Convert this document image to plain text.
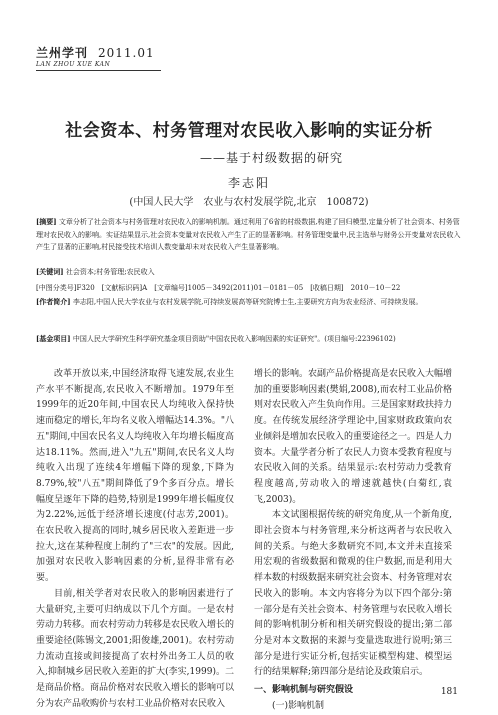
兰州学刊 2011.01
LAN ZHOU XUE KAN
社会资本、村务管理对农民收入影响的实证分析
——基于村级数据的研究
李志阳
(中国人民大学　农业与农村发展学院,北京　100872)
[摘要] 文章分析了社会资本与村务管理对农民收入的影响机制。通过利用了6省的村级数据,构建了回归模型,定量分析了社会资本、村务管理对农民收入的影响。实证结果显示,社会资本变量对农民收入产生了正的显著影响。村务管理变量中,民主选举与财务公开变量对农民收入产生了显著的正影响,村民接受技术培训人数变量却未对农民收入产生显著影响。
[关键词] 社会资本;村务管理;农民收入
[中图分类号]F320　[文献标识码]A　[文章编号]1005－3492(2011)01－0181－05　[收稿日期]　2010－10－22
[作者简介] 李志阳,中国人民大学农业与农村发展学院,可持续发展高等研究院博士生,主要研究方向为农业经济、可持续发展。
[基金项目] 中国人民大学研究生科学研究基金项目资助"中国农民收入影响因素的实证研究"。(项目编号:22396102)

改革开放以来,中国经济取得飞速发展,农业生产水平不断提高,农民收入不断增加。1979年至1999年的近20年间,中国农民人均纯收入保持快速而稳定的增长,年均名义收入增幅达14.3%。"八五"期间,中国农民名义人均纯收入年均增长幅度高达18.11%。然而,进入"九五"期间,农民名义人均纯收入出现了连续4年增幅下降的现象,下降为8.79%,较"八五"期间降低了9个多百分点。增长幅度呈逐年下降的趋势,特别是1999年增长幅度仅为2.22%,远低于经济增长速度(付志芳,2001)。在农民收入提高的同时,城乡居民收入差距进一步拉大,这在某种程度上制约了"三农"的发展。因此,加强对农民收入影响因素的分析,显得非常有必要。

目前,相关学者对农民收入的影响因素进行了大量研究,主要可归纳成以下几个方面。一是农村劳动力转移。而农村劳动力转移是农民收入增长的重要途径(陈锡文,2001;阳俊雄,2001)。农村劳动力流动直接或间接提高了农村外出务工人员的收入,抑制城乡居民收入差距的扩大(李实,1999)。二是商品价格。商品价格对农民收入增长的影响可以分为农产品收购价与农村工业品价格对农民收入

增长的影响。农副产品价格提高是农民收入大幅增加的重要影响因素(樊娟,2008),而农村工业品价格则对农民收入产生负向作用。三是国家财政扶持力度。在传统发展经济学理论中,国家财政政策向农业倾斜是增加农民收入的重要途径之一。四是人力资本。大量学者分析了农民人力资本受教育程度与农民收入间的关系。结果显示:农村劳动力受教育程度越高,劳动收入的增速就越快(白菊红,袁飞,2003)。

本文试图根据传统的研究角度,从一个新角度,即社会资本与村务管理,来分析这两者与农民收入间的关系。与绝大多数研究不同,本文并未直接采用宏观的省级数据和微观的住户数据,而是利用大样本数的村级数据来研究社会资本、村务管理对农民收入的影响。本文内容将分为以下四个部分:第一部分是有关社会资本、村务管理与农民收入增长间的影响机制分析和相关研究假设的提出;第二部分是对本文数据的来源与变量选取进行说明;第三部分是进行实证分析,包括实证模型构建、模型运行的结果解释;第四部分是结论及政策启示。

一、影响机制与研究假设

(一)影响机制

181
